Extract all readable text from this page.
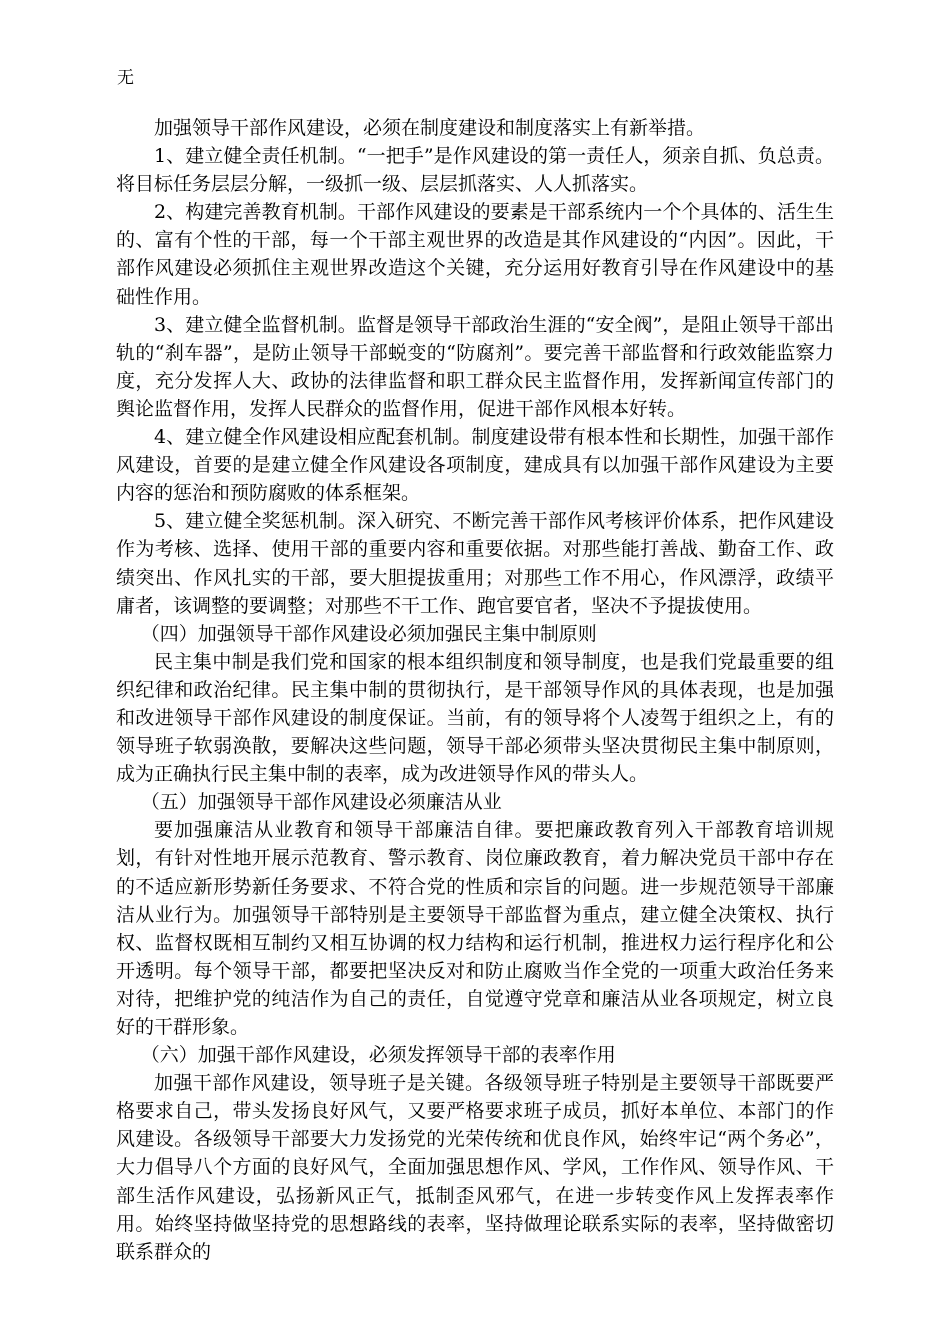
无

加强领导干部作风建设，必须在制度建设和制度落实上有新举措。

1、建立健全责任机制。“一把手”是作风建设的第一责任人，须亲自抓、负总责。将目标任务层层分解，一级抓一级、层层抓落实、人人抓落实。

2、构建完善教育机制。干部作风建设的要素是干部系统内一个个具体的、活生生的、富有个性的干部，每一个干部主观世界的改造是其作风建设的“内因”。因此，干部作风建设必须抓住主观世界改造这个关键，充分运用好教育引导在作风建设中的基础性作用。

3、建立健全监督机制。监督是领导干部政治生涯的“安全阀”，是阻止领导干部出轨的“刹车器”，是防止领导干部蜕变的“防腐剂”。要完善干部监督和行政效能监察力度，充分发挥人大、政协的法律监督和职工群众民主监督作用，发挥新闻宣传部门的舆论监督作用，发挥人民群众的监督作用，促进干部作风根本好转。

4、建立健全作风建设相应配套机制。制度建设带有根本性和长期性，加强干部作风建设，首要的是建立健全作风建设各项制度，建成具有以加强干部作风建设为主要内容的惩治和预防腐败的体系框架。

5、建立健全奖惩机制。深入研究、不断完善干部作风考核评价体系，把作风建设作为考核、选择、使用干部的重要内容和重要依据。对那些能打善战、勤奋工作、政绩突出、作风扎实的干部，要大胆提拔重用；对那些工作不用心，作风漂浮，政绩平庸者，该调整的要调整；对那些不干工作、跑官要官者，坚决不予提拔使用。

（四）加强领导干部作风建设必须加强民主集中制原则

民主集中制是我们党和国家的根本组织制度和领导制度，也是我们党最重要的组织纪律和政治纪律。民主集中制的贯彻执行，是干部领导作风的具体表现，也是加强和改进领导干部作风建设的制度保证。当前，有的领导将个人凌驾于组织之上，有的领导班子软弱涣散，要解决这些问题，领导干部必须带头坚决贯彻民主集中制原则，成为正确执行民主集中制的表率，成为改进领导作风的带头人。

（五）加强领导干部作风建设必须廉洁从业

要加强廉洁从业教育和领导干部廉洁自律。要把廉政教育列入干部教育培训规划，有针对性地开展示范教育、警示教育、岗位廉政教育，着力解决党员干部中存在的不适应新形势新任务要求、不符合党的性质和宗旨的问题。进一步规范领导干部廉洁从业行为。加强领导干部特别是主要领导干部监督为重点，建立健全决策权、执行权、监督权既相互制约又相互协调的权力结构和运行机制，推进权力运行程序化和公开透明。每个领导干部，都要把坚决反对和防止腐败当作全党的一项重大政治任务来对待，把维护党的纯洁作为自己的责任，自觉遵守党章和廉洁从业各项规定，树立良好的干群形象。

（六）加强干部作风建设，必须发挥领导干部的表率作用

加强干部作风建设，领导班子是关键。各级领导班子特别是主要领导干部既要严格要求自己，带头发扬良好风气，又要严格要求班子成员，抓好本单位、本部门的作风建设。各级领导干部要大力发扬党的光荣传统和优良作风，始终牢记“两个务必”，大力倡导八个方面的良好风气，全面加强思想作风、学风，工作作风、领导作风、干部生活作风建设，弘扬新风正气，抵制歪风邪气，在进一步转变作风上发挥表率作用。始终坚持做坚持党的思想路线的表率，坚持做理论联系实际的表率，坚持做密切联系群众的
